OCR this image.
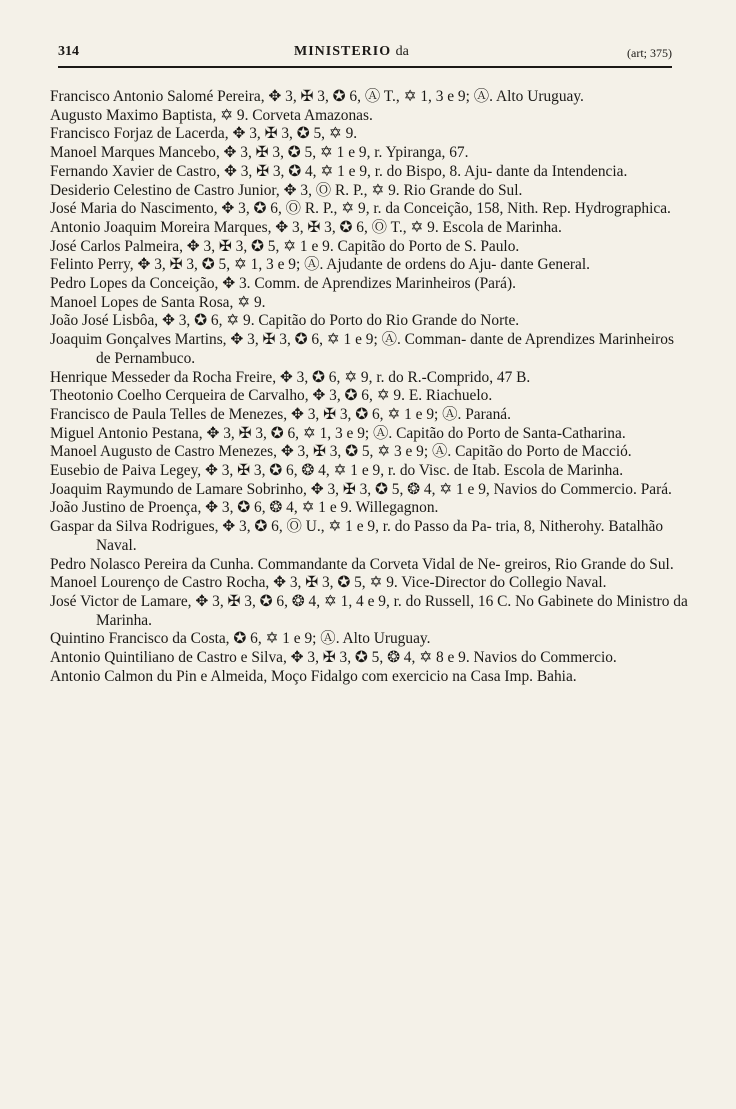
314	MINISTERIO da	(art; 375)

Francisco Antonio Salomé Pereira, ✥ 3, ✠ 3, ✪ 6, Ⓐ T., ✡ 1, 3 e 9; Ⓐ. Alto Uruguay.

Augusto Maximo Baptista, ✡ 9. Corveta Amazonas.

Francisco Forjaz de Lacerda, ✥ 3, ✠ 3, ✪ 5, ✡ 9.

Manoel Marques Mancebo, ✥ 3, ✠ 3, ✪ 5, ✡ 1 e 9, r. Ypiranga, 67.

Fernando Xavier de Castro, ✥ 3, ✠ 3, ✪ 4, ✡ 1 e 9, r. do Bispo, 8. Aju- dante da Intendencia.

Desiderio Celestino de Castro Junior, ✥ 3, Ⓞ R. P., ✡ 9. Rio Grande do Sul.

José Maria do Nascimento, ✥ 3, ✪ 6, Ⓞ R. P., ✡ 9, r. da Conceição, 158, Nith. Rep. Hydrographica.

Antonio Joaquim Moreira Marques, ✥ 3, ✠ 3, ✪ 6, Ⓞ T., ✡ 9. Escola de Marinha.

José Carlos Palmeira, ✥ 3, ✠ 3, ✪ 5, ✡ 1 e 9. Capitão do Porto de S. Paulo.

Felinto Perry, ✥ 3, ✠ 3, ✪ 5, ✡ 1, 3 e 9; Ⓐ. Ajudante de ordens do Aju- dante General.

Pedro Lopes da Conceição, ✥ 3. Comm. de Aprendizes Marinheiros (Pará).

Manoel Lopes de Santa Rosa, ✡ 9.

João José Lisbôa, ✥ 3, ✪ 6, ✡ 9. Capitão do Porto do Rio Grande do Norte.

Joaquim Gonçalves Martins, ✥ 3, ✠ 3, ✪ 6, ✡ 1 e 9; Ⓐ. Comman- dante de Aprendizes Marinheiros de Pernambuco.

Henrique Messeder da Rocha Freire, ✥ 3, ✪ 6, ✡ 9, r. do R.-Comprido, 47 B.

Theotonio Coelho Cerqueira de Carvalho, ✥ 3, ✪ 6, ✡ 9. E. Riachuelo.

Francisco de Paula Telles de Menezes, ✥ 3, ✠ 3, ✪ 6, ✡ 1 e 9; Ⓐ. Paraná.

Miguel Antonio Pestana, ✥ 3, ✠ 3, ✪ 6, ✡ 1, 3 e 9; Ⓐ. Capitão do Porto de Santa-Catharina.

Manoel Augusto de Castro Menezes, ✥ 3, ✠ 3, ✪ 5, ✡ 3 e 9; Ⓐ. Capitão do Porto de Macció.

Eusebio de Paiva Legey, ✥ 3, ✠ 3, ✪ 6, ❂ 4, ✡ 1 e 9, r. do Visc. de Itab. Escola de Marinha.

Joaquim Raymundo de Lamare Sobrinho, ✥ 3, ✠ 3, ✪ 5, ❂ 4, ✡ 1 e 9, Navios do Commercio. Pará.

João Justino de Proença, ✥ 3, ✪ 6, ❂ 4, ✡ 1 e 9. Willegagnon.

Gaspar da Silva Rodrigues, ✥ 3, ✪ 6, Ⓞ U., ✡ 1 e 9, r. do Passo da Pa- tria, 8, Nitherohy. Batalhão Naval.

Pedro Nolasco Pereira da Cunha. Commandante da Corveta Vidal de Ne- greiros, Rio Grande do Sul.

Manoel Lourenço de Castro Rocha, ✥ 3, ✠ 3, ✪ 5, ✡ 9. Vice-Director do Collegio Naval.

José Victor de Lamare, ✥ 3, ✠ 3, ✪ 6, ❂ 4, ✡ 1, 4 e 9, r. do Russell, 16 C. No Gabinete do Ministro da Marinha.

Quintino Francisco da Costa, ✪ 6, ✡ 1 e 9; Ⓐ. Alto Uruguay.

Antonio Quintiliano de Castro e Silva, ✥ 3, ✠ 3, ✪ 5, ❂ 4, ✡ 8 e 9. Navios do Commercio.

Antonio Calmon du Pin e Almeida, Moço Fidalgo com exercicio na Casa Imp. Bahia.
